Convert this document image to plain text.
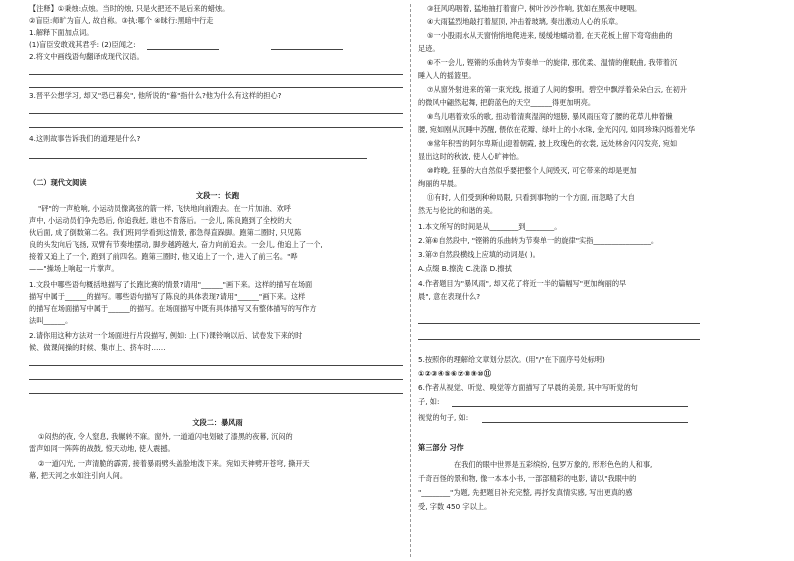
【注释】①秉烛:点烛。当时的烛, 只是火把还不是后来的蜡烛。
②盲臣:师旷为盲人, 故自称。③执:哪个 ④昧行:黑暗中行走
1.解释下面加点词。
(1)盲臣安敢戏其君乎: (2)臣闻之:
2.将文中画线语句翻译成现代汉语。
3.晋平公想学习, 却又"恐已暮矣", 他所说的"暮"指什么?他为什么有这样的担心?
4.这则故事告诉我们的道理是什么?
（二）现代文阅读
文段一：长跑
"砰"的一声枪响, 小运动员像离弦的箭一样, 飞快地向前跑去。在一片加油、欢呼
声中, 小运动员们争先恐后, 你追我赶, 谁也不肯落后。一会儿, 陈良跑到了全校的大
伙后面, 成了倒数第二名。我们班同学看到这情景, 都急得直跺脚。跑第二圈时, 只见陈
良的头发向后飞扬, 双臂有节奏地摆动, 脚步越跨越大, 奋力向前追去。一会儿, 他追上了一个,
接着又追上了一个, 跑到了前四名。跑第三圈时, 他又追上了一个, 进入了前三名。"哗
——"操场上响起一片掌声。
1.文段中哪些语句概括地描写了长跑比赛的情景?请用"______"画下来。这样的描写在场面
描写中属于______的描写。哪些语句描写了陈良的具体表现?请用"______"画下来。这样
的描写在场面描写中属于______的描写。在场面描写中既有具体描写又有整体描写的写作方
法叫______。
2.请你用这种方法对一个场面进行片段描写, 例如: 上(下)课铃响以后、试卷发下来的时
候、做课间操的时候、集市上、挤车时……
文段二：暴风雨
①闷热的夜, 令人窒息, 我辗转不寐。窗外, 一道道闪电划破了漆黑的夜幕, 沉闷的
雷声如同一阵阵的战鼓, 惊天动地, 使人震撼。
②一道闪光, 一声清脆的霹雳, 接着暴雨劈头盖脸地泼下来。宛如天神劈开苍穹, 撕开天
幕, 把天河之水如注引向人间。
③狂风呜咽着, 猛地抽打着窗户, 树叶沙沙作响, 犹如在黑夜中哽咽。
④大雨猛烈地敲打着屋顶, 冲击着玻璃, 奏出激动人心的乐章。
⑤一小股雨水从天窗悄悄地爬进来, 缓缓地蠕动着, 在天花板上留下弯弯曲曲的
足迹。
⑥不一会儿, 铿锵的乐曲转为节奏单一的旋律, 那优柔、温情的催眠曲, 我带着沉
睡入人的摇篮里。
⑦从窗外射进来的第一束光线, 报道了人间的黎明。碧空中飘浮着朵朵白云, 在初升
的微风中翩然起舞, 把蔚蓝色的天空______得更加明亮。
⑧鸟儿唱着欢乐的歌, 扭动着清爽湿润的翅膀, 暴风雨压弯了腰的花草儿伸着懒
腰, 宛如刚从沉睡中苏醒, 偎依在花瓣、绿叶上的小水珠, 金光闪闪, 如同珍珠闪烁着光华
⑨常年积雪的阿尔卑斯山迎着朝霞, 披上玫瑰色的衣裳, 远处林舍闪闪发亮, 宛如
显出这时的秋波, 使人心旷神怡。
⑩昨晚, 狂暴的大自然似乎要把整个人间毁灭, 可它带来的却是更加
绚丽的早晨。
⑪有时, 人们受到种种局限, 只看到事物的一个方面, 而忽略了大自
然无与伦比的和谐的美。
1.本文所写的时间是从________到________。
2.第⑥自然段中, "铿锵的乐曲转为节奏单一的旋律"实指________________。
3.第⑦自然段横线上应填的动词是( )。
A.点缀 B.擦洗 C.洗涤 D.擦拭
4.作者题目为"暴风雨", 却又花了将近一半的篇幅写"更加绚丽的早
晨", 意在表现什么?
5.按照你的理解给文章划分层次。(用"/"在下面序号处标明)
①②③④⑤⑥⑦⑧⑨⑩⑪
6.作者从视觉、听觉、嗅觉等方面描写了早晨的美景, 其中写听觉的句
子, 如:
视觉的句子, 如:
第三部分 习作
在我们的眼中世界是五彩缤纷, 包罗万象的, 形形色色的人和事,
千奇百怪的景和物, 像一本本小书, 一部部精彩的电影, 请以"我眼中的
"________"为题, 先把题目补充完整, 再抒发真情实感, 写出更真的感
受, 字数 450 字以上。
